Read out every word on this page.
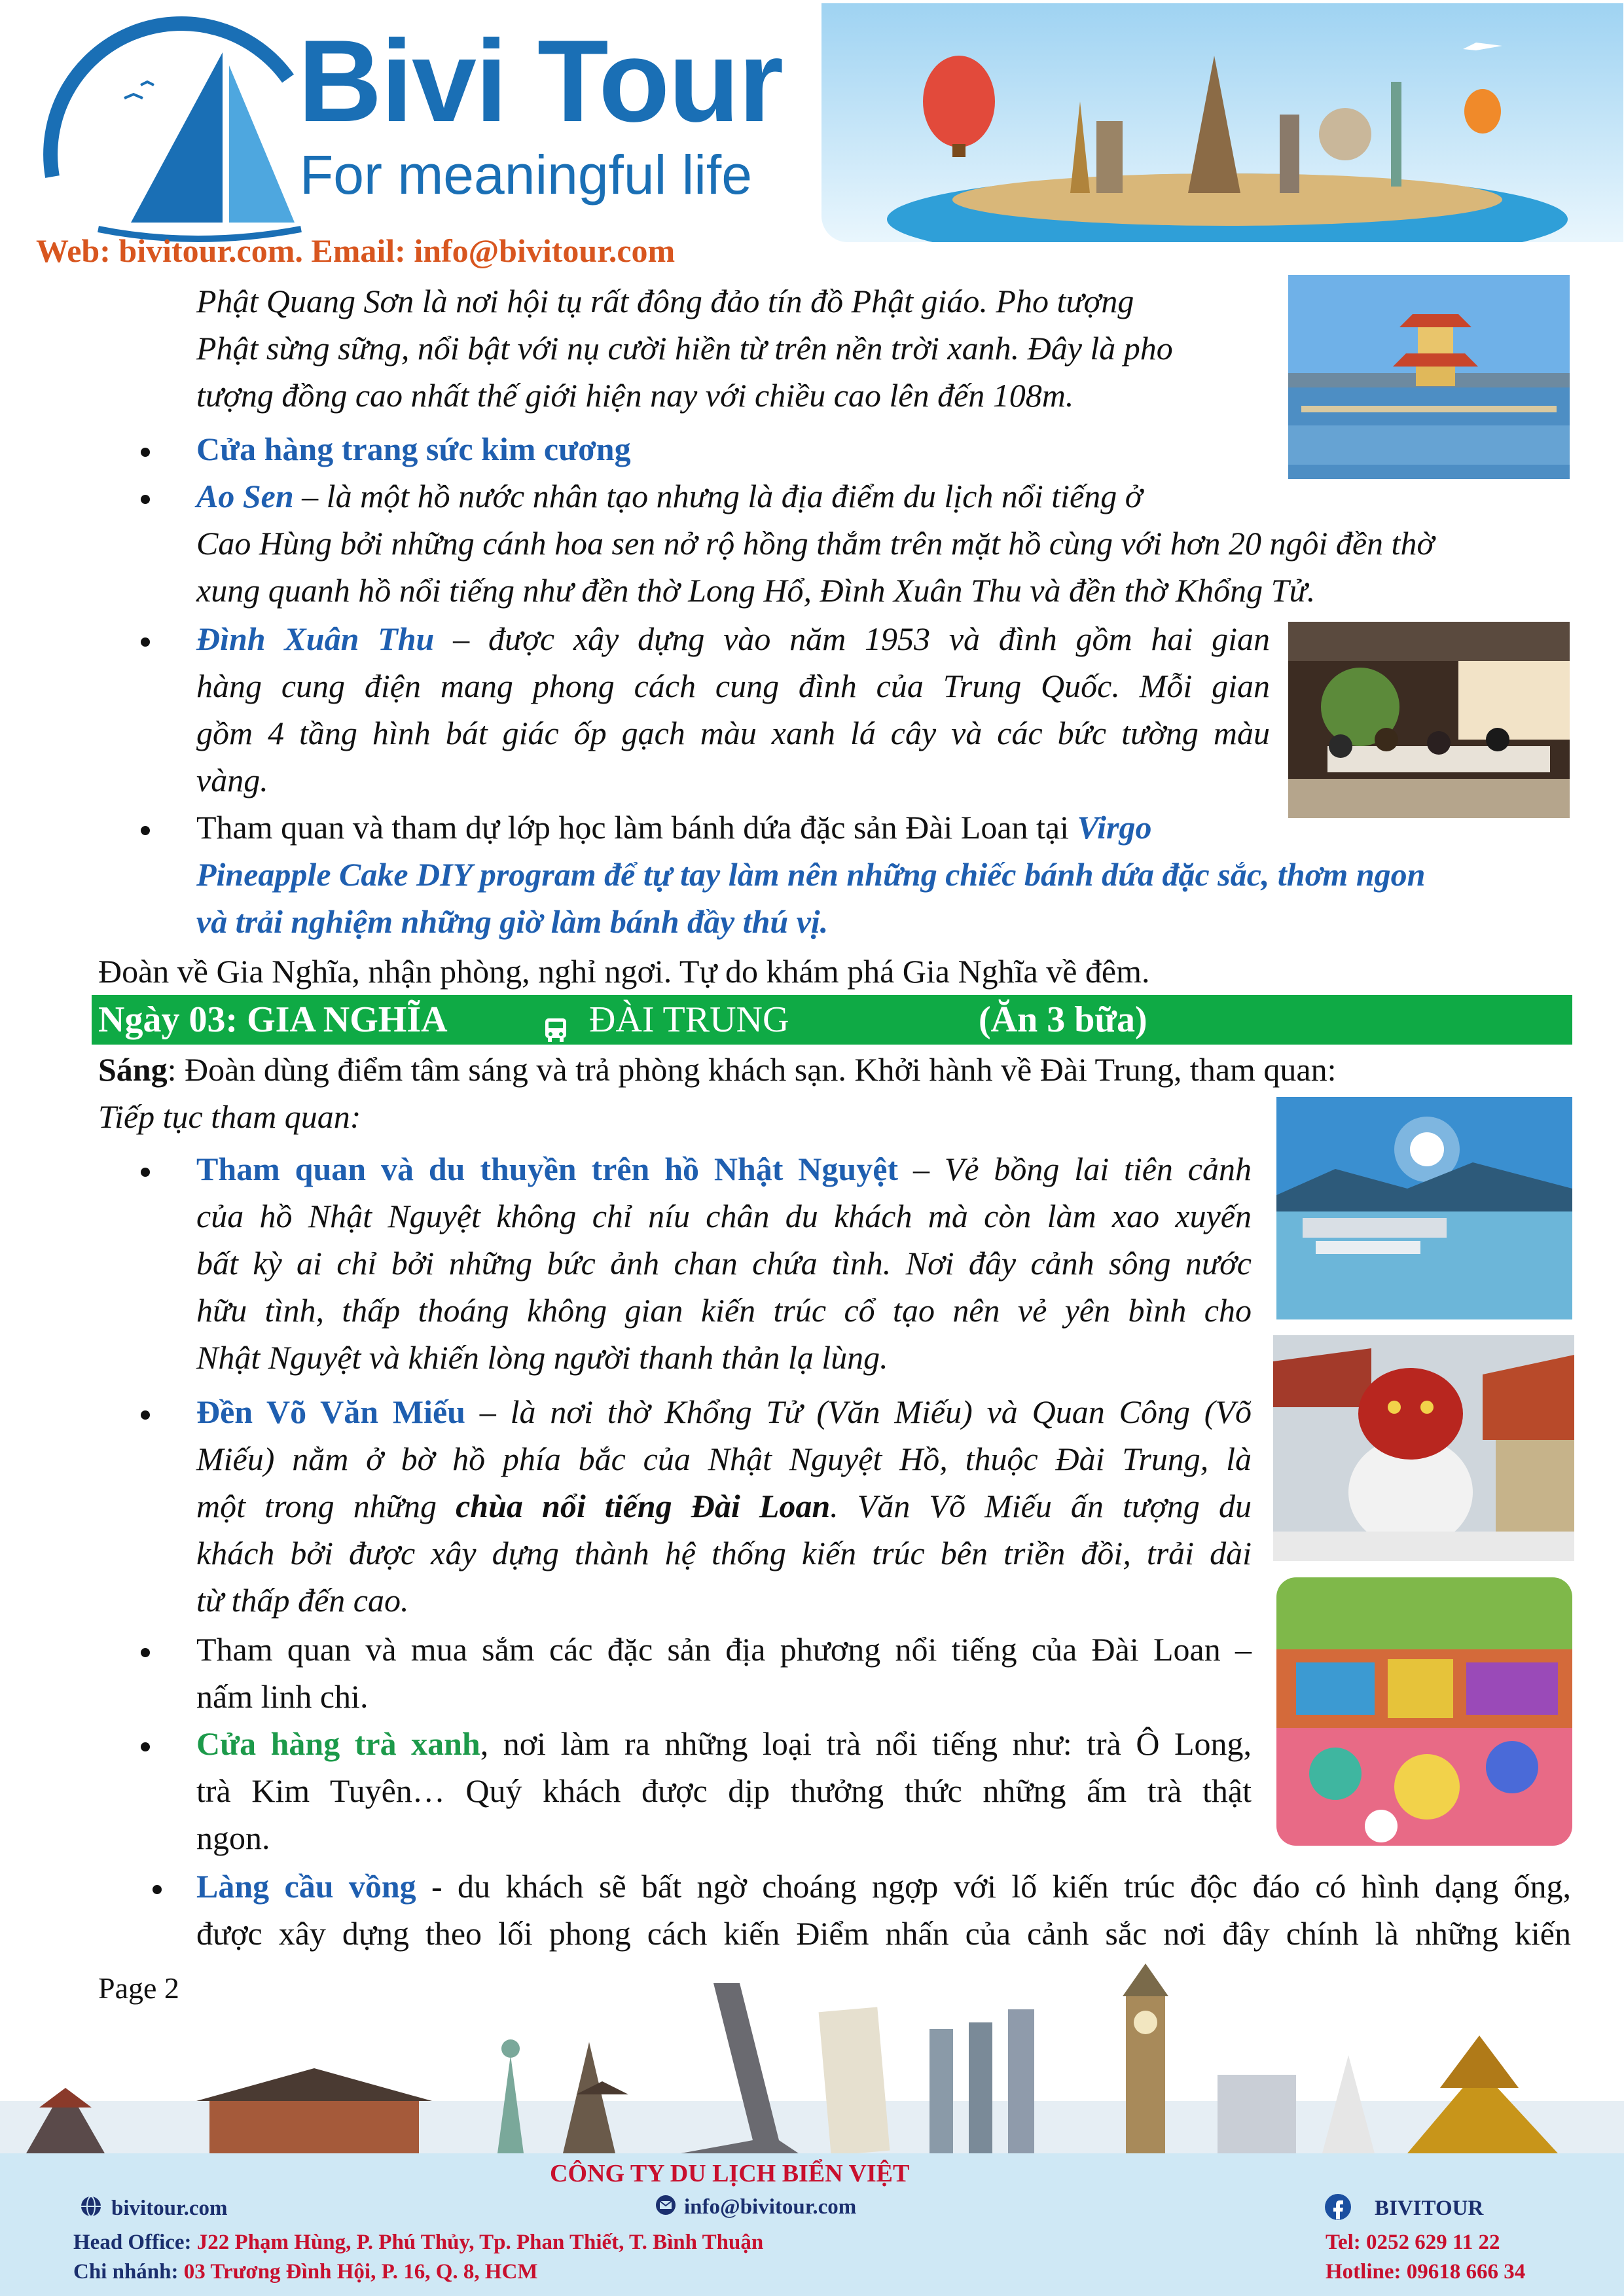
Bivi Tour
For meaningful life
Web: bivitour.com. Email: info@bivitour.com
Phật Quang Sơn là nơi hội tụ rất đông đảo tín đồ Phật giáo. Pho tượng
Phật sừng sững, nổi bật với nụ cười hiền từ trên nền trời xanh. Đây là pho
tượng đồng cao nhất thế giới hiện nay với chiều cao lên đến 108m.
Cửa hàng trang sức kim cương
Ao Sen – là một hồ nước nhân tạo nhưng là địa điểm du lịch nổi tiếng ở
Cao Hùng bởi những cánh hoa sen nở rộ hồng thắm trên mặt hồ cùng với hơn 20 ngôi đền thờ
xung quanh hồ nổi tiếng như đền thờ Long Hổ, Đình Xuân Thu và đền thờ Khổng Tử.
Đình Xuân Thu – được xây dựng vào năm 1953 và đình gồm hai gian
hàng cung điện mang phong cách cung đình của Trung Quốc. Mỗi gian
gồm 4 tầng hình bát giác ốp gạch màu xanh lá cây và các bức tường màu
vàng.
Tham quan và tham dự lớp học làm bánh dứa đặc sản Đài Loan tại Virgo
Pineapple Cake DIY program để tự tay làm nên những chiếc bánh dứa đặc sắc, thơm ngon
và trải nghiệm những giờ làm bánh đầy thú vị.
Đoàn về Gia Nghĩa, nhận phòng, nghỉ ngơi. Tự do khám phá Gia Nghĩa về đêm.
Ngày 03: GIA NGHĨA	ĐÀI TRUNG	(Ăn 3 bữa)
Sáng: Đoàn dùng điểm tâm sáng và trả phòng khách sạn. Khởi hành về Đài Trung, tham quan:
Tiếp tục tham quan:
Tham quan và du thuyền trên hồ Nhật Nguyệt – Vẻ bồng lai tiên cảnh
của hồ Nhật Nguyệt không chỉ níu chân du khách mà còn làm xao xuyến
bất kỳ ai chỉ bởi những bức ảnh chan chứa tình. Nơi đây cảnh sông nước
hữu tình, thấp thoáng không gian kiến trúc cổ tạo nên vẻ yên bình cho
Nhật Nguyệt và khiến lòng người thanh thản lạ lùng.
Đền Võ Văn Miếu – là nơi thờ Khổng Tử (Văn Miếu) và Quan Công (Võ
Miếu) nằm ở bờ hồ phía bắc của Nhật Nguyệt Hồ, thuộc Đài Trung, là
một trong những chùa nổi tiếng Đài Loan. Văn Võ Miếu ấn tượng du
khách bởi được xây dựng thành hệ thống kiến trúc bên triền đồi, trải dài
từ thấp đến cao.
Tham quan và mua sắm các đặc sản địa phương nổi tiếng của Đài Loan –
nấm linh chi.
Cửa hàng trà xanh, nơi làm ra những loại trà nổi tiếng như: trà Ô Long,
trà Kim Tuyên… Quý khách được dịp thưởng thức những ấm trà thật
ngon.
Làng cầu vồng - du khách sẽ bất ngờ choáng ngợp với lố kiến trúc độc đáo có hình dạng ống,
được xây dựng theo lối phong cách kiến Điểm nhấn của cảnh sắc nơi đây chính là những kiến
Page 2
CÔNG TY DU LỊCH BIỂN VIỆT
bivitour.com	info@bivitour.com
Head Office: J22 Phạm Hùng, P. Phú Thủy, Tp. Phan Thiết, T. Bình Thuận
Chi nhánh: 03 Trương Đình Hội, P. 16, Q. 8, HCM
BIVITOUR
Tel: 0252 629 11 22
Hotline: 09618 666 34
